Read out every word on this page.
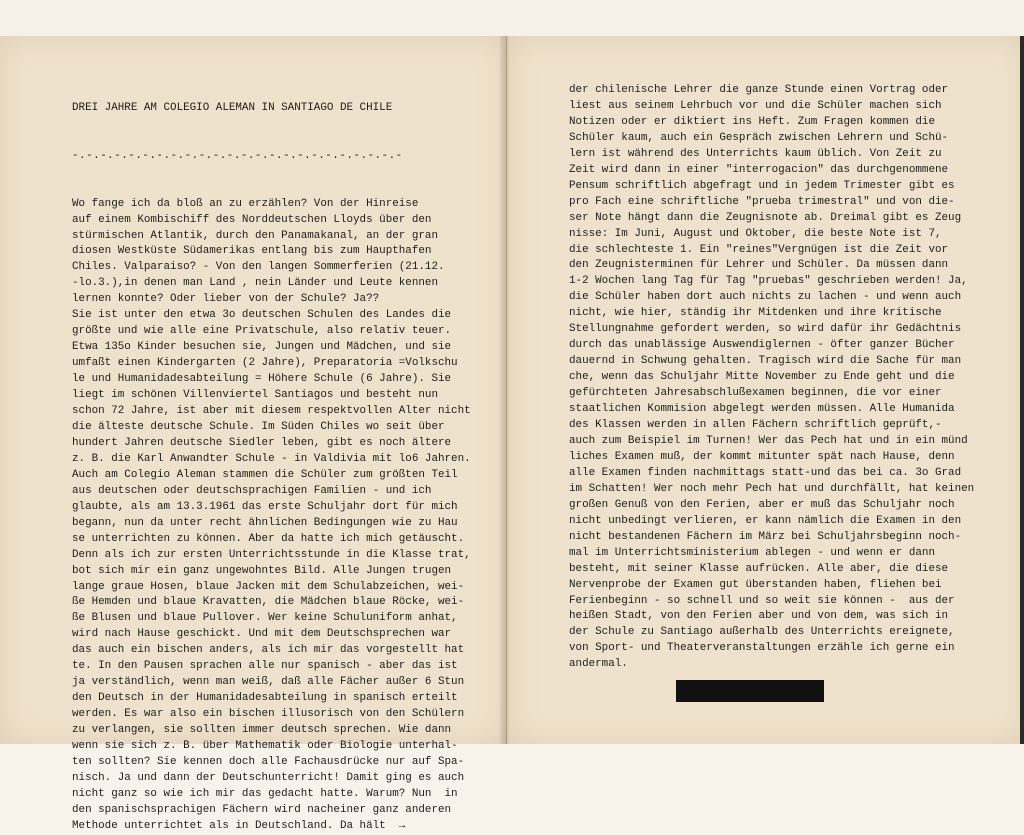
DREI JAHRE AM COLEGIO ALEMAN IN SANTIAGO DE CHILE

-.-.-.-.-.-.-.-.-.-.-.-.-.-.-.-.-.-.-.-.-.-.-.-

Wo fange ich da bloß an zu erzählen? Von der Hinreise
auf einem Kombischiff des Norddeutschen Lloyds über den
stürmischen Atlantik, durch den Panamakanal, an der gran
diosen Westküste Südamerikas entlang bis zum Haupthafen
Chiles. Valparaiso? - Von den langen Sommerferien (21.12.
-lo.3.),in denen man Land , nein Länder und Leute kennen
lernen konnte? Oder lieber von der Schule? Ja??
Sie ist unter den etwa 3o deutschen Schulen des Landes die
größte und wie alle eine Privatschule, also relativ teuer.
Etwa 135o Kinder besuchen sie, Jungen und Mädchen, und sie
umfaßt einen Kindergarten (2 Jahre), Preparatoria =Volkschu
le und Humanidadesabteilung = Höhere Schule (6 Jahre). Sie
liegt im schönen Villenviertel Santiagos und besteht nun
schon 72 Jahre, ist aber mit diesem respektvollen Alter nicht
die älteste deutsche Schule. Im Süden Chiles wo seit über
hundert Jahren deutsche Siedler leben, gibt es noch ältere
z. B. die Karl Anwandter Schule - in Valdivia mit lo6 Jahren.
Auch am Colegio Aleman stammen die Schüler zum größten Teil
aus deutschen oder deutschsprachigen Familien - und ich
glaubte, als am 13.3.1961 das erste Schuljahr dort für mich
begann, nun da unter recht ähnlichen Bedingungen wie zu Hau
se unterrichten zu können. Aber da hatte ich mich getäuscht.
Denn als ich zur ersten Unterrichtsstunde in die Klasse trat,
bot sich mir ein ganz ungewohntes Bild. Alle Jungen trugen
lange graue Hosen, blaue Jacken mit dem Schulabzeichen, wei-
ße Hemden und blaue Kravatten, die Mädchen blaue Röcke, wei-
ße Blusen und blaue Pullover. Wer keine Schuluniform anhat,
wird nach Hause geschickt. Und mit dem Deutschsprechen war
das auch ein bischen anders, als ich mir das vorgestellt hat
te. In den Pausen sprachen alle nur spanisch - aber das ist
ja verständlich, wenn man weiß, daß alle Fächer außer 6 Stun
den Deutsch in der Humanidadesabteilung in spanisch erteilt
werden. Es war also ein bischen illusorisch von den Schülern
zu verlangen, sie sollten immer deutsch sprechen. Wie dann
wenn sie sich z. B. über Mathematik oder Biologie unterhal-
ten sollten? Sie kennen doch alle Fachausdrücke nur auf Spa-
nisch. Ja und dann der Deutschunterricht! Damit ging es auch
nicht ganz so wie ich mir das gedacht hatte. Warum? Nun  in
den spanischsprachigen Fächern wird nacheiner ganz anderen
Methode unterrichtet als in Deutschland. Da hält  →
der chilenische Lehrer die ganze Stunde einen Vortrag oder
liest aus seinem Lehrbuch vor und die Schüler machen sich
Notizen oder er diktiert ins Heft. Zum Fragen kommen die
Schüler kaum, auch ein Gespräch zwischen Lehrern und Schü-
lern ist während des Unterrichts kaum üblich. Von Zeit zu
Zeit wird dann in einer "interrogacion" das durchgenommene
Pensum schriftlich abgefragt und in jedem Trimester gibt es
pro Fach eine schriftliche "prueba trimestral" und von die-
ser Note hängt dann die Zeugnisnote ab. Dreimal gibt es Zeug
nisse: Im Juni, August und Oktober, die beste Note ist 7,
die schlechteste 1. Ein "reines"Vergnügen ist die Zeit vor
den Zeugnisterminen für Lehrer und Schüler. Da müssen dann
1-2 Wochen lang Tag für Tag "pruebas" geschrieben werden! Ja,
die Schüler haben dort auch nichts zu lachen - und wenn auch
nicht, wie hier, ständig ihr Mitdenken und ihre kritische
Stellungnahme gefordert werden, so wird dafür ihr Gedächtnis
durch das unablässige Auswendiglernen - öfter ganzer Bücher
dauernd in Schwung gehalten. Tragisch wird die Sache für man
che, wenn das Schuljahr Mitte November zu Ende geht und die
gefürchteten Jahresabschlußexamen beginnen, die vor einer
staatlichen Kommision abgelegt werden müssen. Alle Humanida
des Klassen werden in allen Fächern schriftlich geprüft,-
auch zum Beispiel im Turnen! Wer das Pech hat und in ein münd
liches Examen muß, der kommt mitunter spät nach Hause, denn
alle Examen finden nachmittags statt-und das bei ca. 3o Grad
im Schatten! Wer noch mehr Pech hat und durchfällt, hat keinen
großen Genuß von den Ferien, aber er muß das Schuljahr noch
nicht unbedingt verlieren, er kann nämlich die Examen in den
nicht bestandenen Fächern im März bei Schuljahrsbeginn noch-
mal im Unterrichtsministerium ablegen - und wenn er dann
besteht, mit seiner Klasse aufrücken. Alle aber, die diese
Nervenprobe der Examen gut überstanden haben, fliehen bei
Ferienbeginn - so schnell und so weit sie können -  aus der
heißen Stadt, von den Ferien aber und von dem, was sich in
der Schule zu Santiago außerhalb des Unterrichts ereignete,
von Sport- und Theaterveranstaltungen erzähle ich gerne ein
andermal.
